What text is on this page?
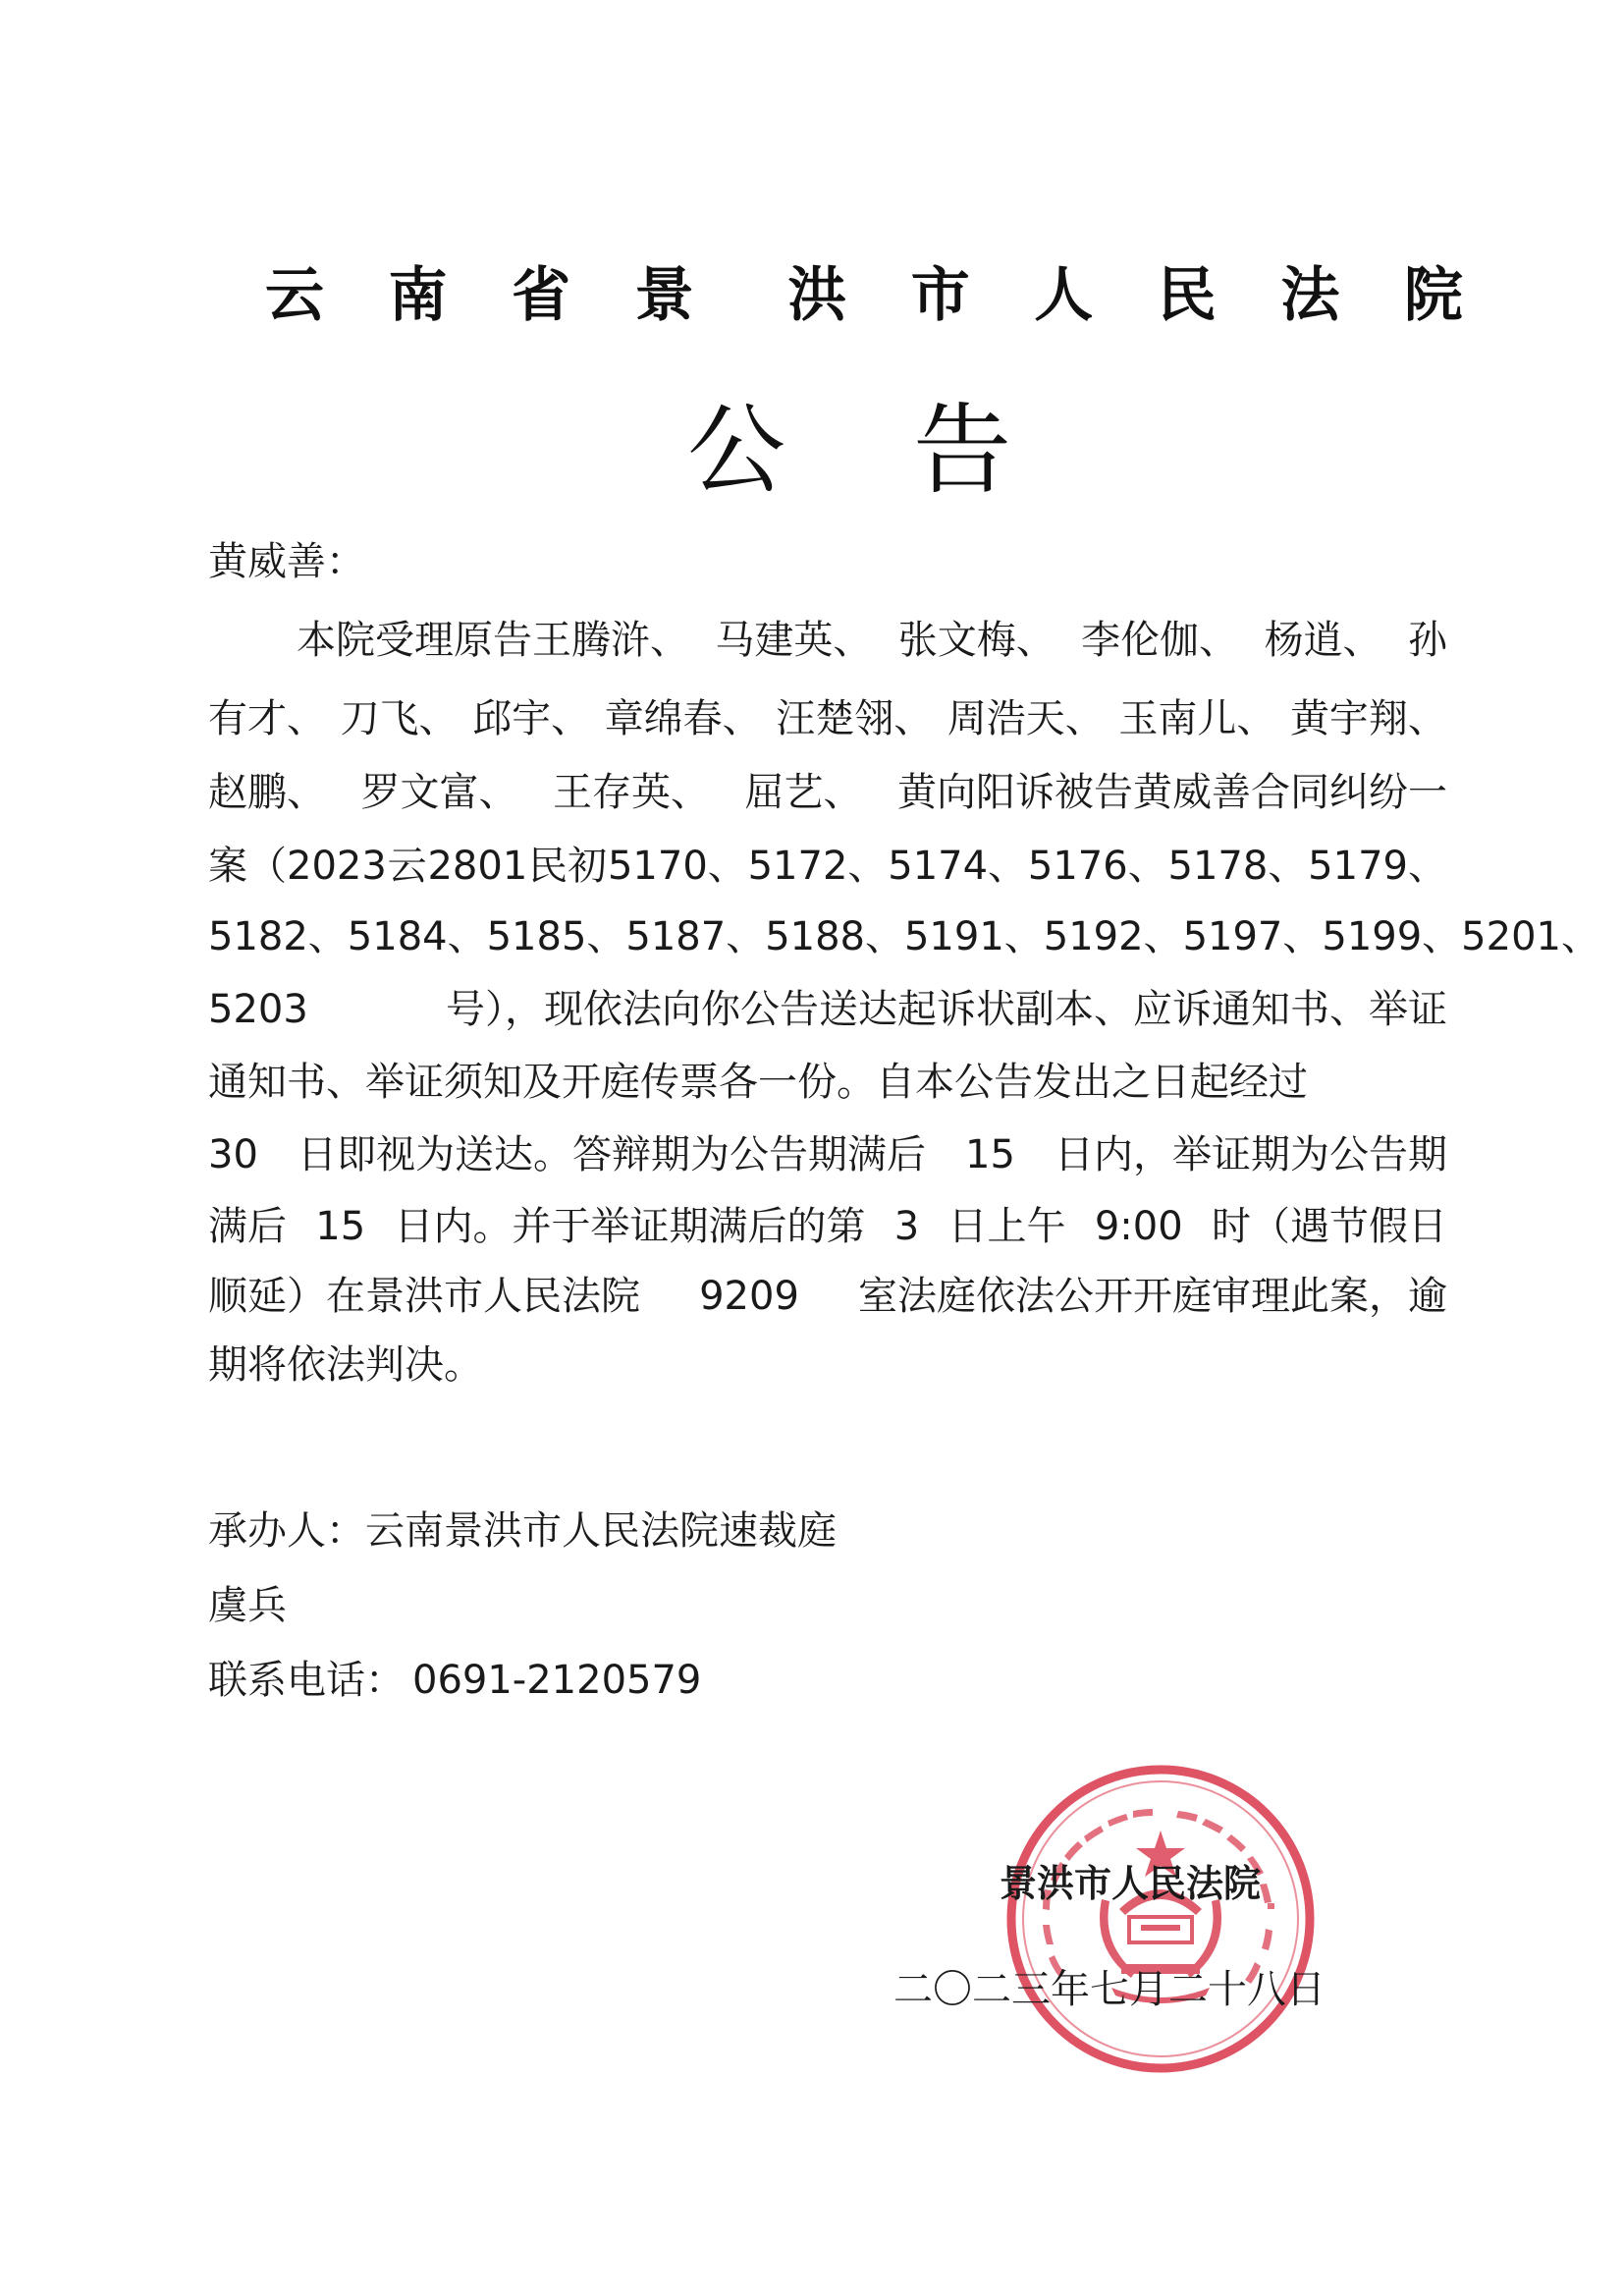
云 南 省 景 洪 市 人 民 法 院
公 告
黄威善：
本院受理原告王腾浒、 马建英、 张文梅、 李伦伽、 杨逍、 孙
有才、 刀飞、 邱宇、 章绵春、 汪楚翎、 周浩天、 玉南儿、 黄宇翔、
赵鹏、 罗文富、 王存英、 屈艺、 黄向阳诉被告黄威善合同纠纷一
案（2023 云 2801 民初 5170、 5172、 5174、 5176、 5178、 5179、
5182、 5184、 5185、 5187、 5188、 5191、 5192、 5197、 5199、 5201、
5203	号），现依法向你公告送达起诉状副本、应诉通知书、举证
通知书、举证须知及开庭传票各一份。自本公告发出之日起经过
30 日即视为送达。答辩期为公告期满后 15 日内，举证期为公告期
满后 15 日内。并于举证期满后的第 3 日上午 9:00 时（遇节假日
顺延）在景洪市人民法院 9209 室法庭依法公开开庭审理此案，逾
期将依法判决。
承办人：云南景洪市人民法院速裁庭
虞兵
联系电话： 0691-2120579
景洪市人民法院
二〇二三年七月二十八日
